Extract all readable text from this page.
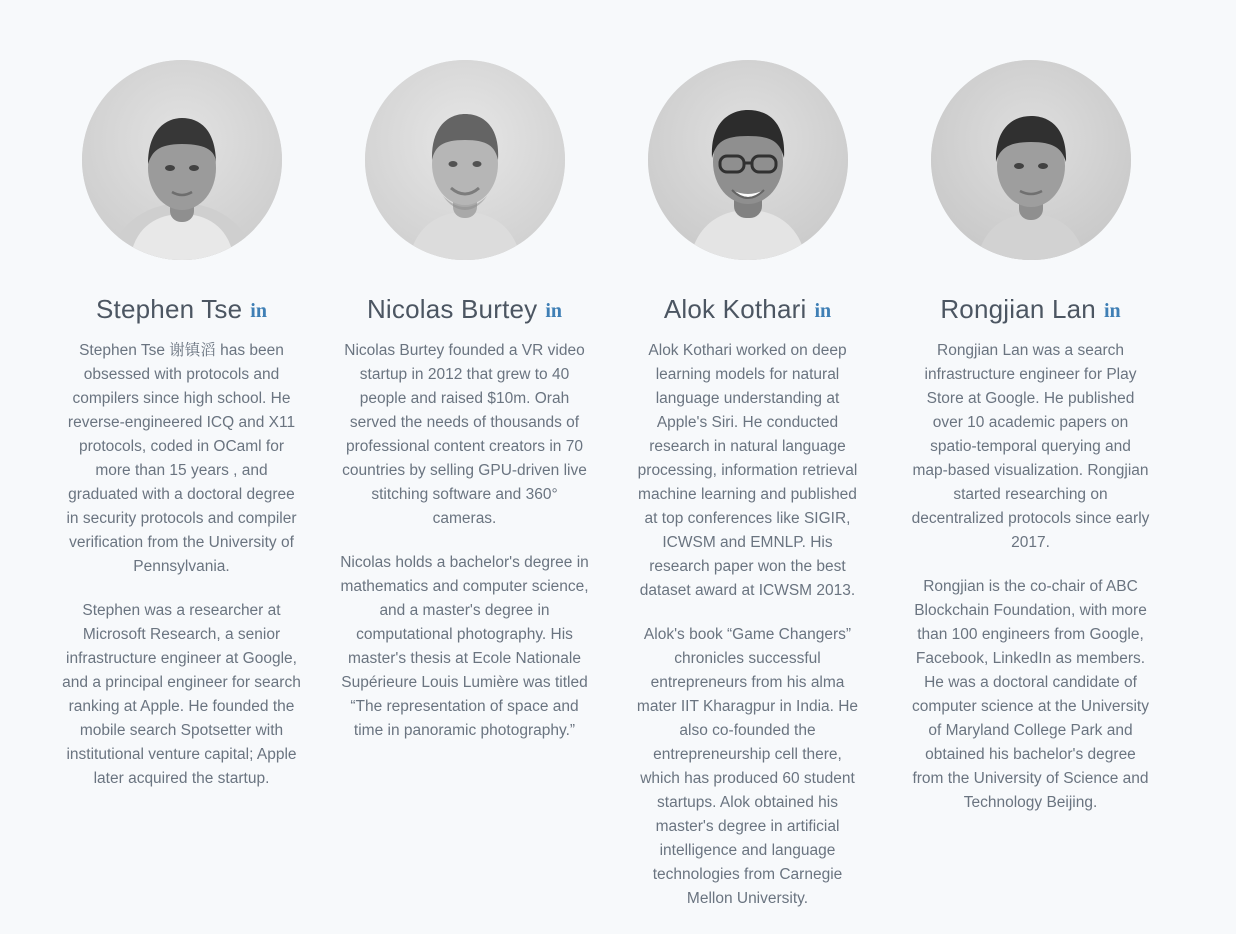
Stephen Tse in

Stephen Tse 谢镇滔 has been obsessed with protocols and compilers since high school. He reverse-engineered ICQ and X11 protocols, coded in OCaml for more than 15 years , and graduated with a doctoral degree in security protocols and compiler verification from the University of Pennsylvania.

Stephen was a researcher at Microsoft Research, a senior infrastructure engineer at Google, and a principal engineer for search ranking at Apple. He founded the mobile search Spotsetter with institutional venture capital; Apple later acquired the startup.

Nicolas Burtey in

Nicolas Burtey founded a VR video startup in 2012 that grew to 40 people and raised $10m. Orah served the needs of thousands of professional content creators in 70 countries by selling GPU-driven live stitching software and 360° cameras.

Nicolas holds a bachelor's degree in mathematics and computer science, and a master's degree in computational photography. His master's thesis at Ecole Nationale Supérieure Louis Lumière was titled “The representation of space and time in panoramic photography.”

Alok Kothari in

Alok Kothari worked on deep learning models for natural language understanding at Apple's Siri. He conducted research in natural language processing, information retrieval machine learning and published at top conferences like SIGIR, ICWSM and EMNLP. His research paper won the best dataset award at ICWSM 2013.

Alok's book “Game Changers” chronicles successful entrepreneurs from his alma mater IIT Kharagpur in India. He also co-founded the entrepreneurship cell there, which has produced 60 student startups. Alok obtained his master's degree in artificial intelligence and language technologies from Carnegie Mellon University.

Rongjian Lan in

Rongjian Lan was a search infrastructure engineer for Play Store at Google. He published over 10 academic papers on spatio-temporal querying and map-based visualization. Rongjian started researching on decentralized protocols since early 2017.

Rongjian is the co-chair of ABC Blockchain Foundation, with more than 100 engineers from Google, Facebook, LinkedIn as members. He was a doctoral candidate of computer science at the University of Maryland College Park and obtained his bachelor's degree from the University of Science and Technology Beijing.
